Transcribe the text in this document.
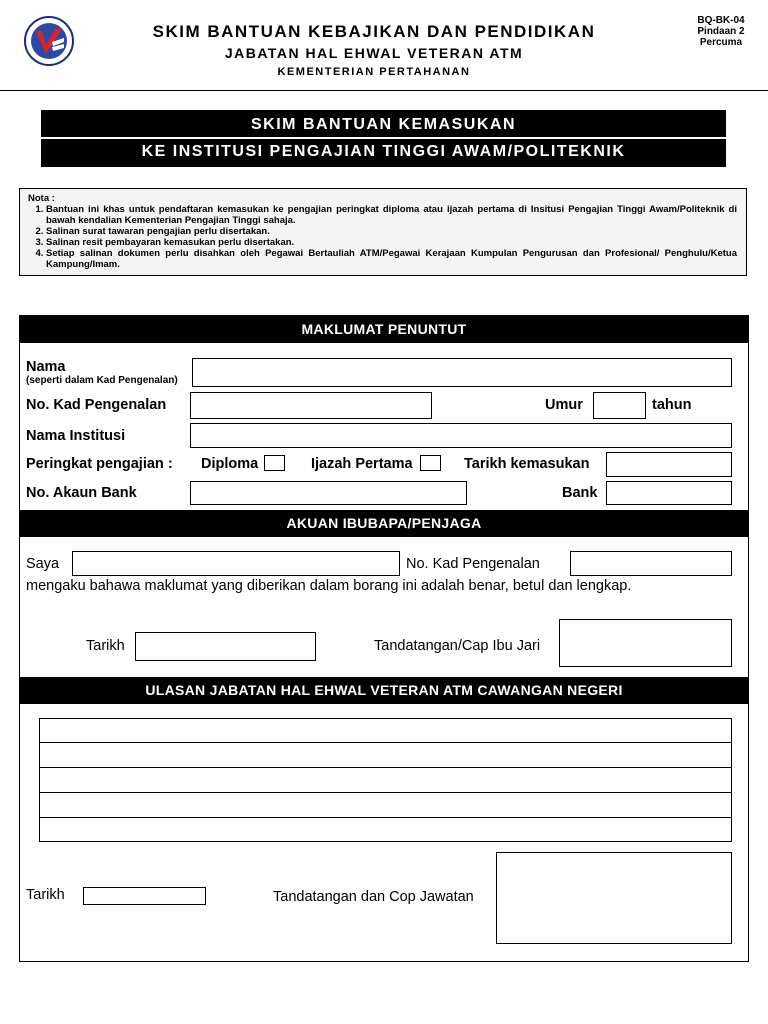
SKIM BANTUAN KEBAJIKAN DAN PENDIDIKAN
JABATAN HAL EHWAL VETERAN ATM
KEMENTERIAN PERTAHANAN
BQ-BK-04
Pindaan 2
Percuma
SKIM BANTUAN KEMASUKAN
KE INSTITUSI PENGAJIAN TINGGI AWAM/POLITEKNIK
Nota :
1. Bantuan ini khas untuk pendaftaran kemasukan ke pengajian peringkat diploma atau ijazah pertama di Insitusi Pengajian Tinggi Awam/Politeknik di bawah kendalian Kementerian Pengajian Tinggi sahaja.
2. Salinan surat tawaran pengajian perlu disertakan.
3. Salinan resit pembayaran kemasukan perlu disertakan.
4. Setiap salinan dokumen perlu disahkan oleh Pegawai Bertauliah ATM/Pegawai Kerajaan Kumpulan Pengurusan dan Profesional/ Penghulu/Ketua Kampung/Imam.
MAKLUMAT PENUNTUT
Nama
(seperti dalam Kad Pengenalan)
No. Kad Pengenalan	Umur	tahun
Nama Institusi
Peringkat pengajian : Diploma	Ijazah Pertama	Tarikh kemasukan
No. Akaun Bank	Bank
AKUAN IBUBAPA/PENJAGA
Saya	No. Kad Pengenalan
mengaku bahawa maklumat yang diberikan dalam borang ini adalah benar, betul dan lengkap.
Tarikh	Tandatangan/Cap Ibu Jari
ULASAN JABATAN HAL EHWAL VETERAN ATM CAWANGAN NEGERI
Tarikh	Tandatangan dan Cop Jawatan
